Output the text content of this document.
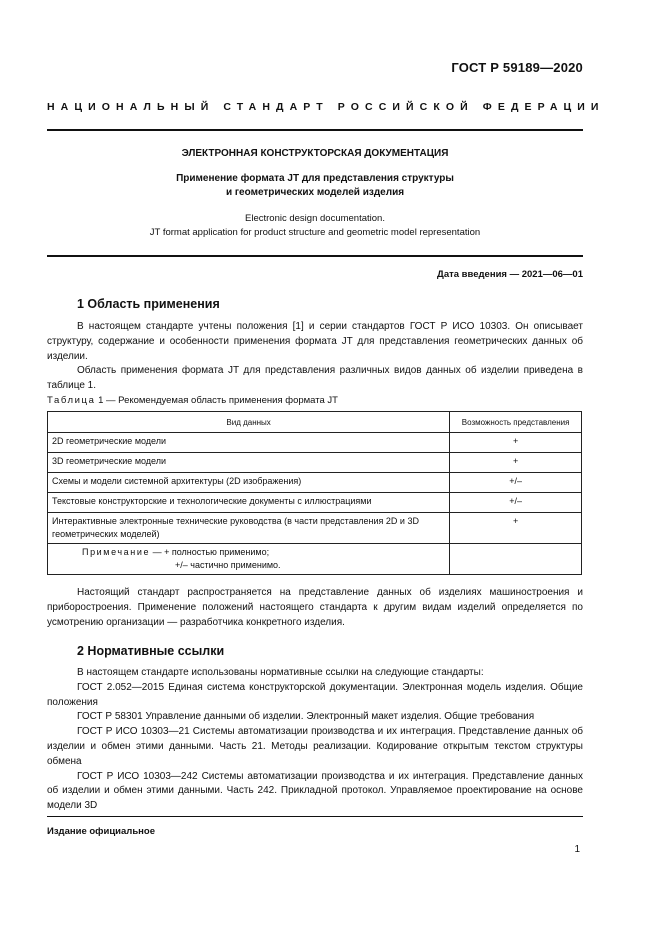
ГОСТ Р 59189—2020
НАЦИОНАЛЬНЫЙ СТАНДАРТ РОССИЙСКОЙ ФЕДЕРАЦИИ
ЭЛЕКТРОННАЯ КОНСТРУКТОРСКАЯ ДОКУМЕНТАЦИЯ
Применение формата JT для представления структуры
и геометрических моделей изделия
Electronic design documentation.
JT format application for product structure and geometric model representation
Дата введения — 2021—06—01
1 Область применения

В настоящем стандарте учтены положения [1] и серии стандартов ГОСТ Р ИСО 10303. Он описывает структуру, содержание и особенности применения формата JT для представления геометрических данных об изделии.

Область применения формата JT для представления различных видов данных об изделии приведена в таблице 1.

Таблица 1 — Рекомендуемая область применения формата JT
Вид данных	Возможность представления
2D геометрические модели	+
3D геометрические модели	+
Схемы и модели системной архитектуры (2D изображения)	+/–
Текстовые конструкторские и технологические документы с иллюстрациями	+/–
Интерактивные электронные технические руководства (в части представления 2D и 3D геометрических моделей)	+

Примечание — + полностью применимо;
+/– частично применимо.	

Настоящий стандарт распространяется на представление данных об изделиях машиностроения и приборостроения. Применение положений настоящего стандарта к другим видам изделий определяется по усмотрению организации — разработчика конкретного изделия.

2 Нормативные ссылки

В настоящем стандарте использованы нормативные ссылки на следующие стандарты:

ГОСТ 2.052—2015 Единая система конструкторской документации. Электронная модель изделия. Общие положения

ГОСТ Р 58301 Управление данными об изделии. Электронный макет изделия. Общие требования

ГОСТ Р ИСО 10303—21 Системы автоматизации производства и их интеграция. Представление данных об изделии и обмен этими данными. Часть 21. Методы реализации. Кодирование открытым текстом структуры обмена

ГОСТ Р ИСО 10303—242 Системы автоматизации производства и их интеграция. Представление данных об изделии и обмен этими данными. Часть 242. Прикладной протокол. Управляемое проектирование на основе модели 3D

Издание официальное
1
